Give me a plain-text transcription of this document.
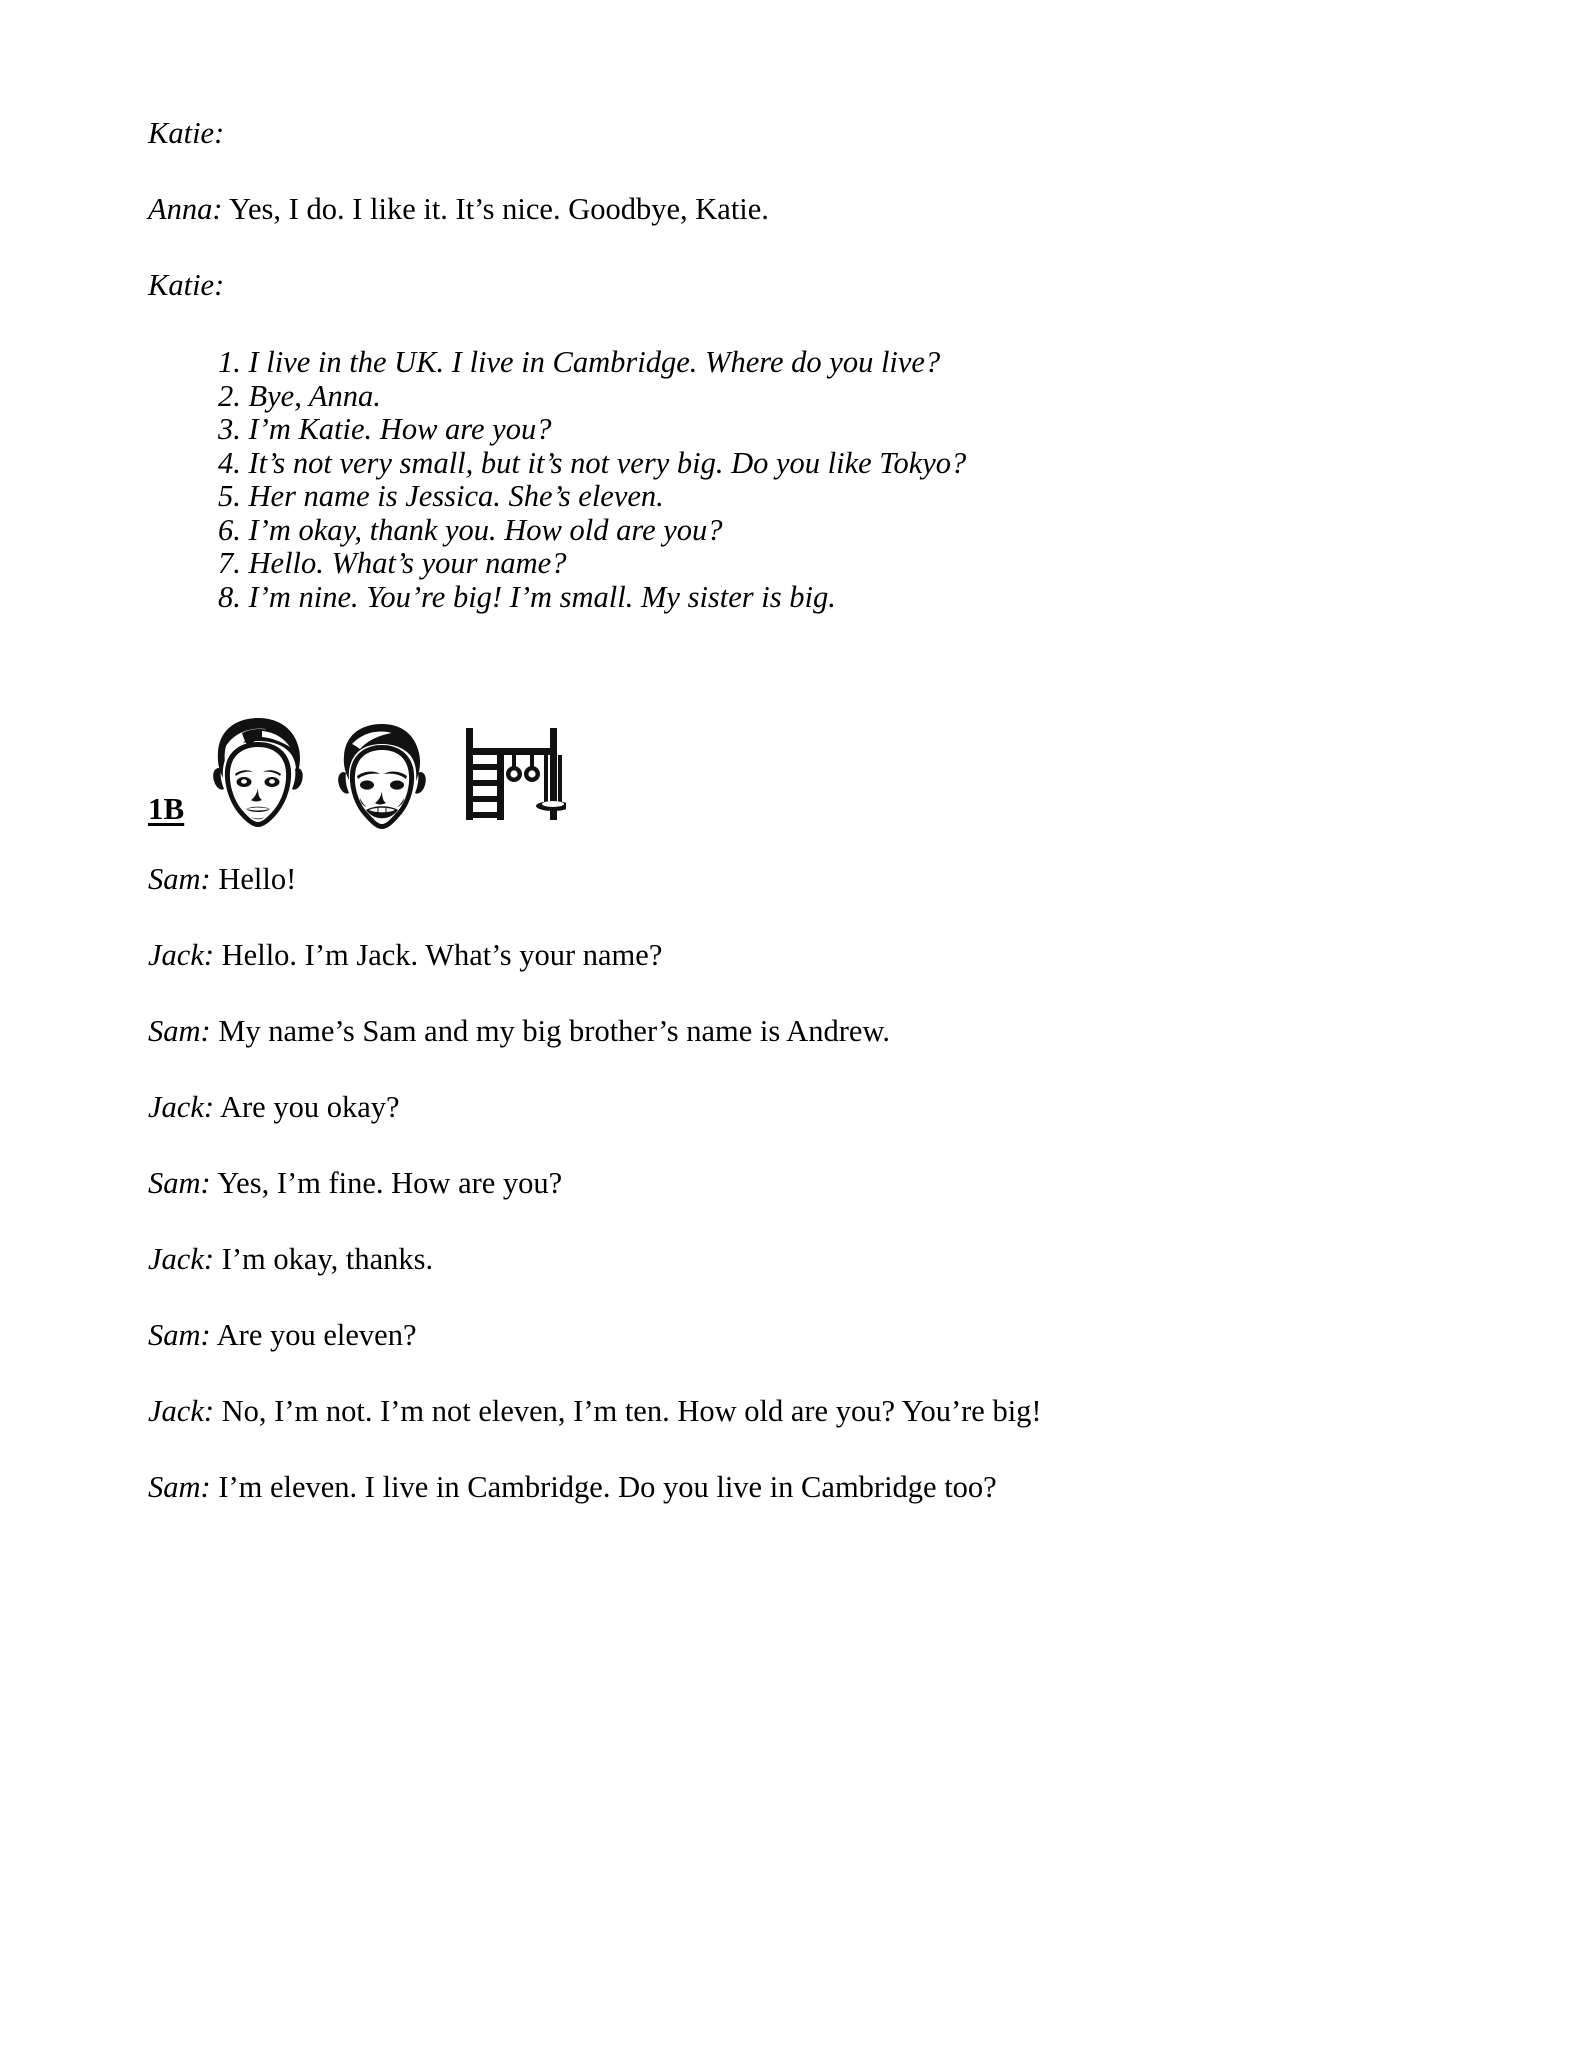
Katie:

Anna: Yes, I do. I like it. It’s nice. Goodbye, Katie.

Katie:

1. I live in the UK. I live in Cambridge. Where do you live?
2. Bye, Anna.
3. I’m Katie. How are you?
4. It’s not very small, but it’s not very big. Do you like Tokyo?
5. Her name is Jessica. She’s eleven.
6. I’m okay, thank you. How old are you?
7. Hello. What’s your name?
8. I’m nine. You’re big! I’m small. My sister is big.
1B

Sam: Hello!

Jack: Hello. I’m Jack. What’s your name?

Sam: My name’s Sam and my big brother’s name is Andrew.

Jack: Are you okay?

Sam: Yes, I’m fine. How are you?

Jack: I’m okay, thanks.

Sam: Are you eleven?

Jack: No, I’m not. I’m not eleven, I’m ten. How old are you? You’re big!

Sam: I’m eleven. I live in Cambridge. Do you live in Cambridge too?
